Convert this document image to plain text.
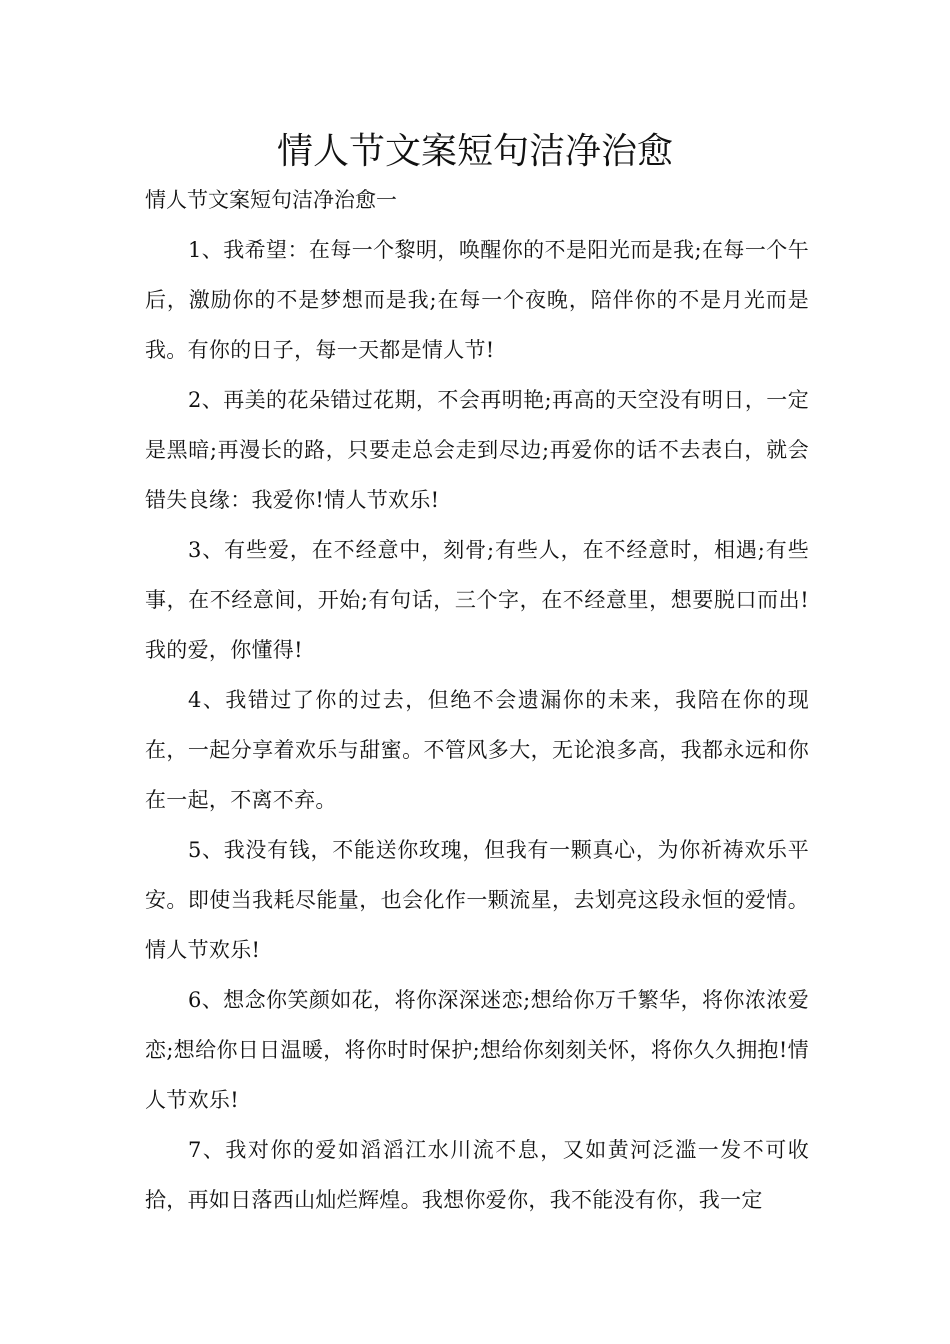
情人节文案短句洁净治愈

情人节文案短句洁净治愈一

1、我希望：在每一个黎明，唤醒你的不是阳光而是我;在每一个午后，激励你的不是梦想而是我;在每一个夜晚，陪伴你的不是月光而是我。有你的日子，每一天都是情人节!

2、再美的花朵错过花期，不会再明艳;再高的天空没有明日，一定是黑暗;再漫长的路，只要走总会走到尽边;再爱你的话不去表白，就会错失良缘：我爱你!情人节欢乐!

3、有些爱，在不经意中，刻骨;有些人，在不经意时，相遇;有些事，在不经意间，开始;有句话，三个字，在不经意里，想要脱口而出!我的爱，你懂得!

4、我错过了你的过去，但绝不会遗漏你的未来，我陪在你的现在，一起分享着欢乐与甜蜜。不管风多大，无论浪多高，我都永远和你在一起，不离不弃。

5、我没有钱，不能送你玫瑰，但我有一颗真心，为你祈祷欢乐平安。即使当我耗尽能量，也会化作一颗流星，去划亮这段永恒的爱情。情人节欢乐!

6、想念你笑颜如花，将你深深迷恋;想给你万千繁华，将你浓浓爱恋;想给你日日温暖，将你时时保护;想给你刻刻关怀，将你久久拥抱!情人节欢乐!

7、我对你的爱如滔滔江水川流不息，又如黄河泛滥一发不可收拾，再如日落西山灿烂辉煌。我想你爱你，我不能没有你，我一定
